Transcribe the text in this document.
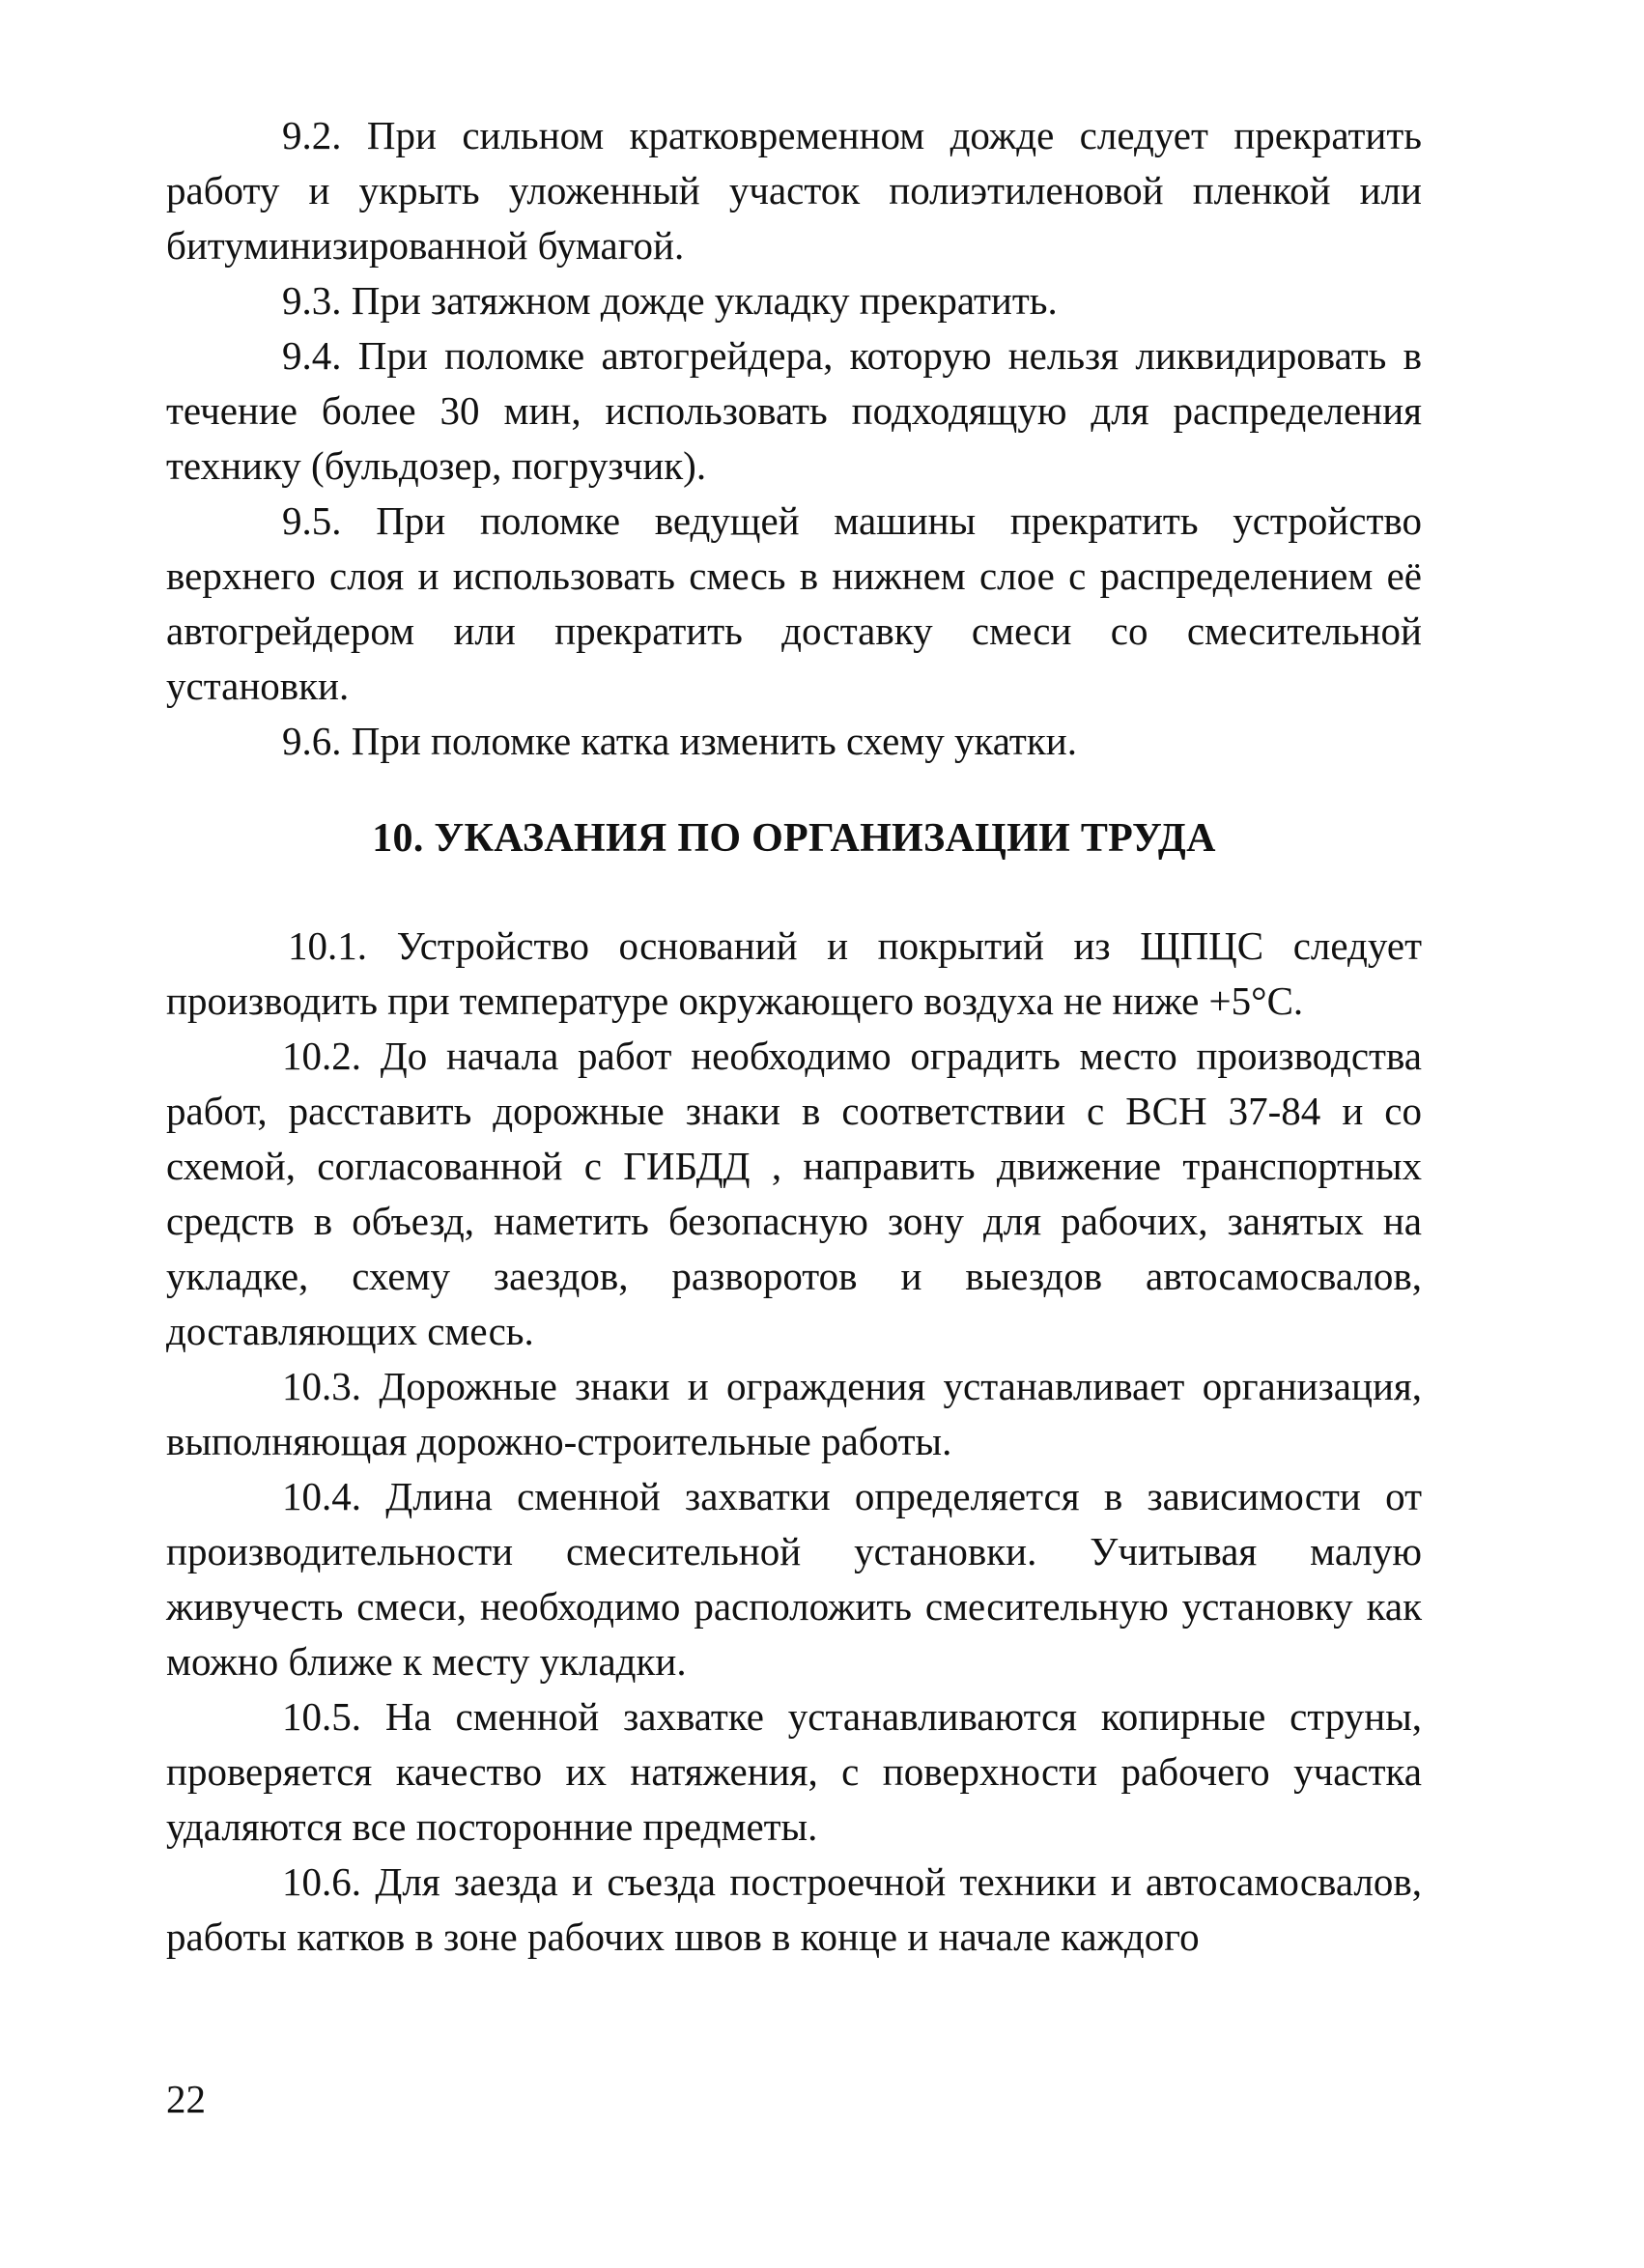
9.2. При сильном кратковременном дожде следует прекратить работу и укрыть уложенный участок полиэтиленовой пленкой или битуминизированной бумагой.

9.3. При затяжном дожде укладку прекратить.

9.4. При поломке автогрейдера, которую нельзя ликвидировать в течение более 30 мин, использовать подходящую для распределения технику (бульдозер, погрузчик).

9.5. При поломке ведущей машины прекратить устройство верхнего слоя и использовать смесь в нижнем слое с распределением её автогрейдером или прекратить доставку смеси со смесительной установки.

9.6. При поломке катка изменить схему укатки.

10. УКАЗАНИЯ ПО ОРГАНИЗАЦИИ ТРУДА

10.1. Устройство оснований и покрытий из ЩПЦС следует производить при температуре окружающего воздуха не ниже +5°С.

10.2. До начала работ необходимо оградить место производства работ, расставить дорожные знаки в соответствии с ВСН 37-84 и со схемой, согласованной с ГИБДД , направить движение транспортных средств в объезд, наметить безопасную зону для рабочих, занятых на укладке, схему заездов, разворотов и выездов автосамосвалов, доставляющих смесь.

10.3. Дорожные знаки и ограждения устанавливает организация, выполняющая дорожно-строительные работы.

10.4. Длина сменной захватки определяется в зависимости от производительности смесительной установки. Учитывая малую живучесть смеси, необходимо расположить смесительную установку как можно ближе к месту укладки.

10.5. На сменной захватке устанавливаются копирные струны, проверяется качество их натяжения, с поверхности рабочего участка удаляются все посторонние предметы.

10.6. Для заезда и съезда построечной техники и автосамосвалов, работы катков в зоне рабочих швов в конце и начале каждого

22
